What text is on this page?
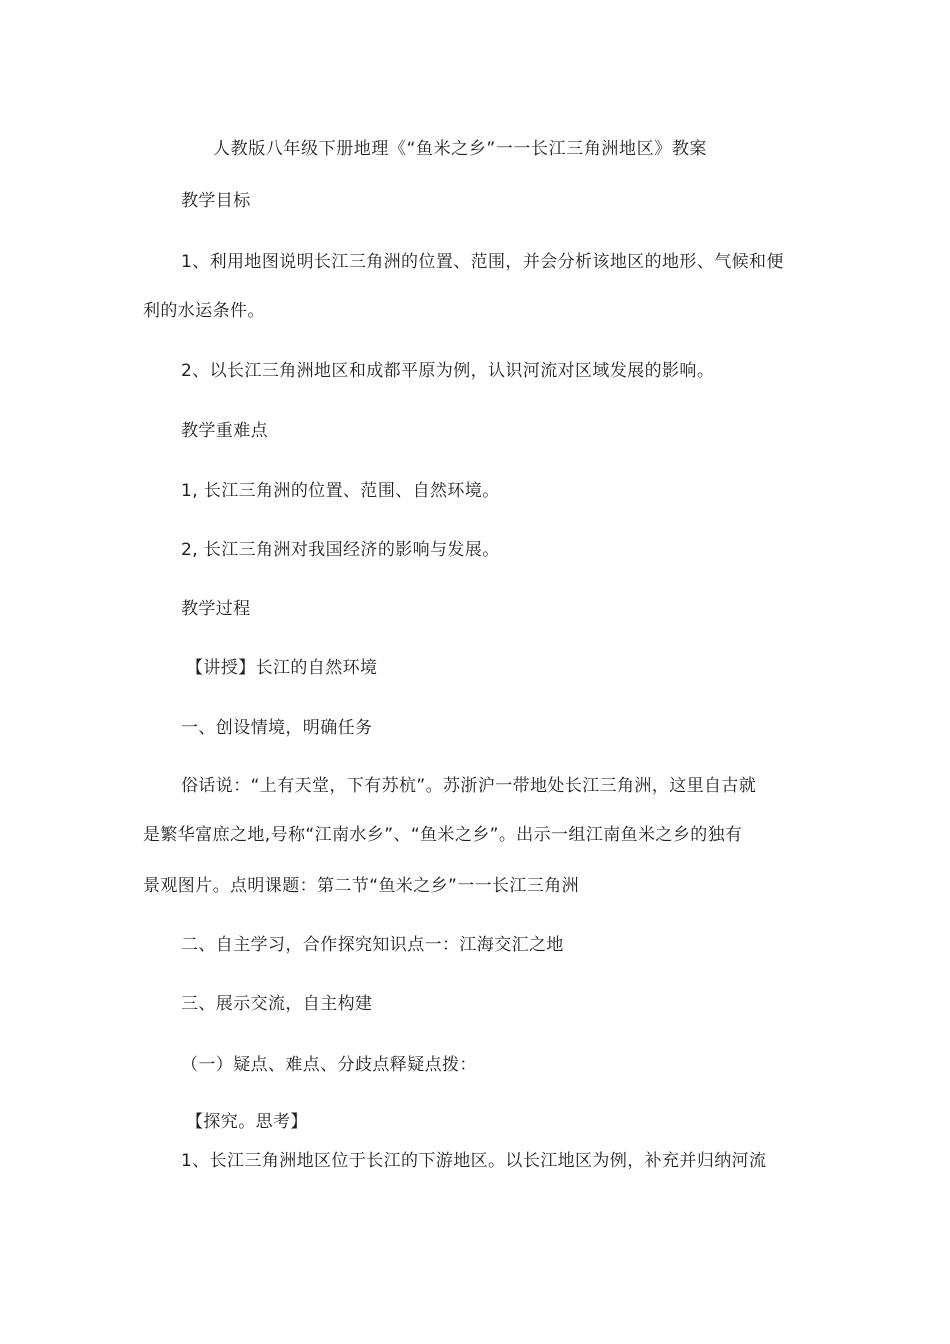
人教版八年级下册地理《“鱼米之乡”一一长江三角洲地区》教案
教学目标
1、利用地图说明长江三角洲的位置、范围，并会分析该地区的地形、气候和便
利的水运条件。
2、以长江三角洲地区和成都平原为例，认识河流对区域发展的影响。
教学重难点
1, 长江三角洲的位置、范围、自然环境。
2, 长江三角洲对我国经济的影响与发展。
教学过程
【讲授】长江的自然环境
一、创设情境，明确任务
俗话说：“上有天堂，下有苏杭”。苏浙沪一带地处长江三角洲，这里自古就
是繁华富庶之地,号称“江南水乡”、“鱼米之乡”。出示一组江南鱼米之乡的独有
景观图片。点明课题：第二节“鱼米之乡”一一长江三角洲
二、自主学习，合作探究知识点一：江海交汇之地
三、展示交流，自主构建
（一）疑点、难点、分歧点释疑点拨：
【探究。思考】
1、长江三角洲地区位于长江的下游地区。以长江地区为例，补充并归纳河流
